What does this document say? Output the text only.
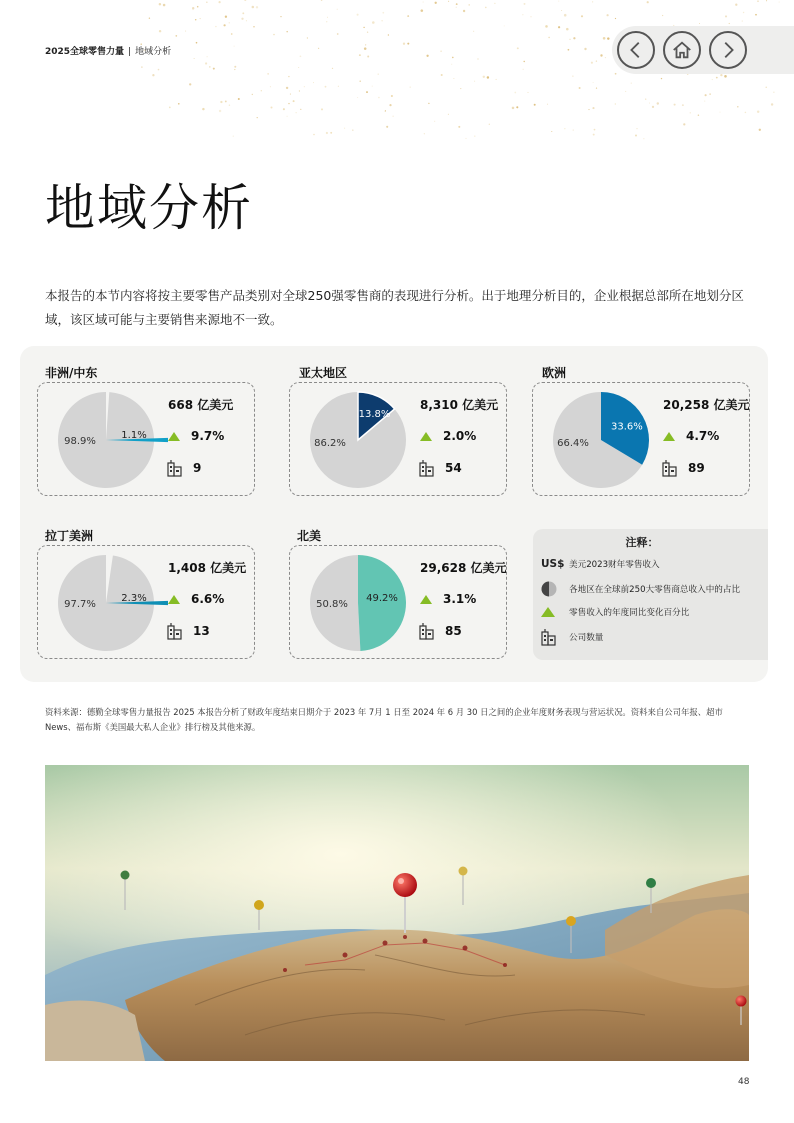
2025全球零售力量 | 地域分析
地域分析

本报告的本节内容将按主要零售产品类别对全球250强零售商的表现进行分析。出于地理分析目的，企业根据总部所在地划分区域，该区域可能与主要销售来源地不一致。

非洲/中东
98.9%
1.1%
668 亿美元
9.7%
9
亚太地区
86.2%
13.8%
8,310 亿美元
2.0%
54
欧洲
66.4%
33.6%
20,258 亿美元
4.7%
89
拉丁美洲
97.7%
2.3%
1,408 亿美元
6.6%
13
北美
50.8%
49.2%
29,628 亿美元
3.1%
85
注释：
US$ 美元2023财年零售收入
各地区在全球前250大零售商总收入中的占比
零售收入的年度同比变化百分比
公司数量

资料来源：德勤全球零售力量报告 2025 本报告分析了财政年度结束日期介于 2023 年 7月 1 日至 2024 年 6 月 30 日之间的企业年度财务表现与营运状况。资料来自公司年报、超市 News、福布斯《美国最大私人企业》排行榜及其他来源。

48
